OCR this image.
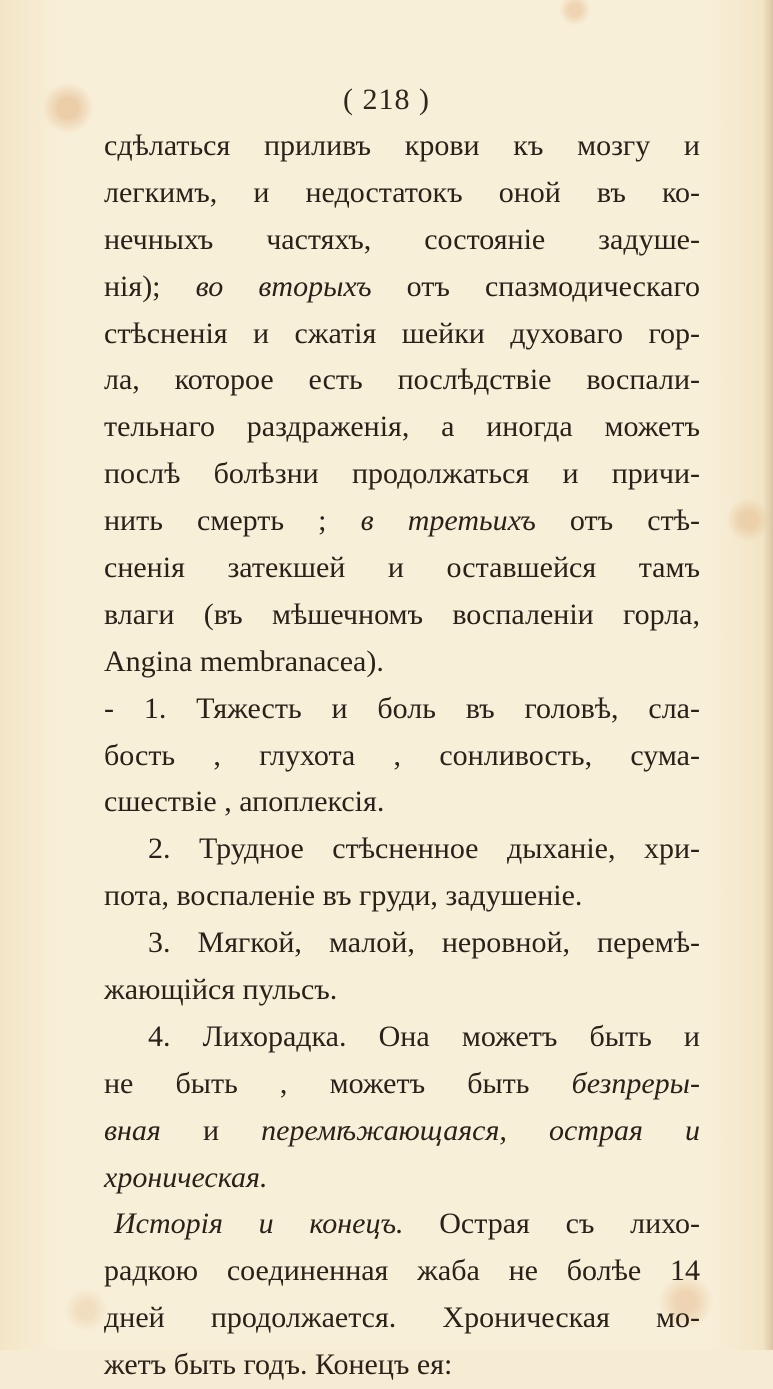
( 218 )
сдѣлаться приливъ крови къ мозгу и
легкимъ, и недостатокъ оной въ ко-
нечныхъ частяхъ, состояніе задуше-
нія); во вторыхъ отъ спазмодическаго
стѣсненія и сжатія шейки духоваго гор-
ла, которое есть послѣдствіе воспали-
тельнаго раздраженія, а иногда можетъ
послѣ болѣзни продолжаться и причи-
нить смерть ; в третьихъ отъ стѣ-
сненія затекшей и оставшейся тамъ
влаги (въ мѣшечномъ воспаленіи горла,
Angina membranacea).
- 1. Тяжесть и боль въ головѣ, сла-
бость , глухота , сонливость, сума-
сшествіе , апоплексія.
2. Трудное стѣсненное дыханіе, хри-
пота, воспаленіе въ груди, задушеніе.
3. Мягкой, малой, неровной, перемѣ-
жающійся пульсъ.
4. Лихорадка. Она можетъ быть и
не быть , можетъ быть безпреры-
вная и перемѣжающаяся, острая и
хроническая.
Исторія и конецъ. Острая съ лихо-
радкою соединенная жаба не болѣе 14
дней продолжается. Хроническая мо-
жетъ быть годъ. Конецъ ея:
